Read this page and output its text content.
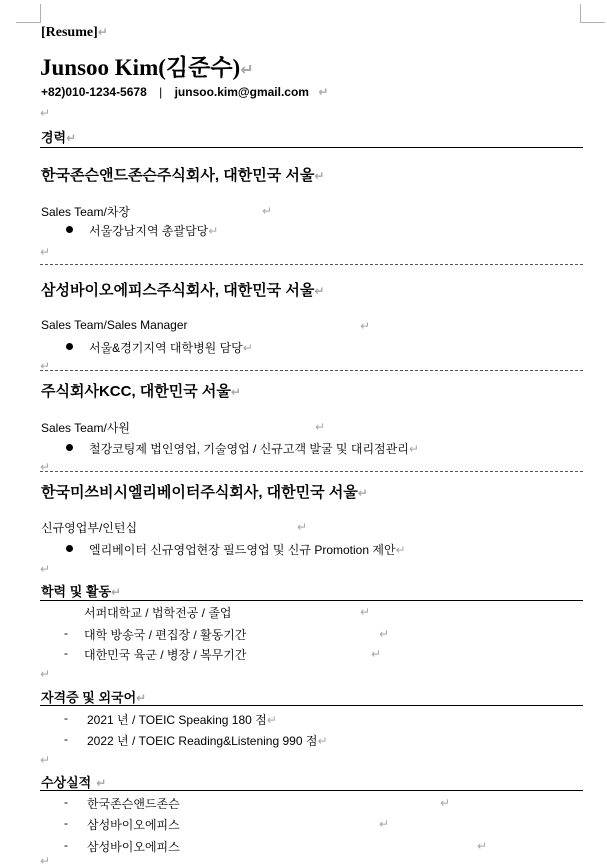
[Resume]↵
Junsoo Kim(김준수)↵
+82)010-1234-5678 | junsoo.kim@gmail.com ↵
↵
경력↵
한국존슨앤드존슨주식회사, 대한민국 서울↵
Sales Team/차장	↵
서울강남지역 총괄담당↵
↵
삼성바이오에피스주식회사, 대한민국 서울↵
Sales Team/Sales Manager	↵
서울&경기지역 대학병원 담당↵
↵
주식회사KCC, 대한민국 서울↵
Sales Team/사원	↵
철강코팅제 법인영업, 기술영업 / 신규고객 발굴 및 대리점관리↵
↵
한국미쓰비시엘리베이터주식회사, 대한민국 서울↵
신규영업부/인턴십	↵
엘리베이터 신규영업현장 필드영업 및 신규 Promotion 제안↵
↵
학력 및 활동↵
서퍼대학교 / 법학전공 / 졸업	↵
- 대학 방송국 / 편집장 / 활동기간	↵
- 대한민국 육군 / 병장 / 복무기간	↵
↵
자격증 및 외국어↵
- 2021 년 / TOEIC Speaking 180 점↵
- 2022 년 / TOEIC Reading&Listening 990 점↵
↵
수상실적 ↵
- 한국존슨앤드존슨	↵
- 삼성바이오에피스	↵
- 삼성바이오에피스	↵
↵
